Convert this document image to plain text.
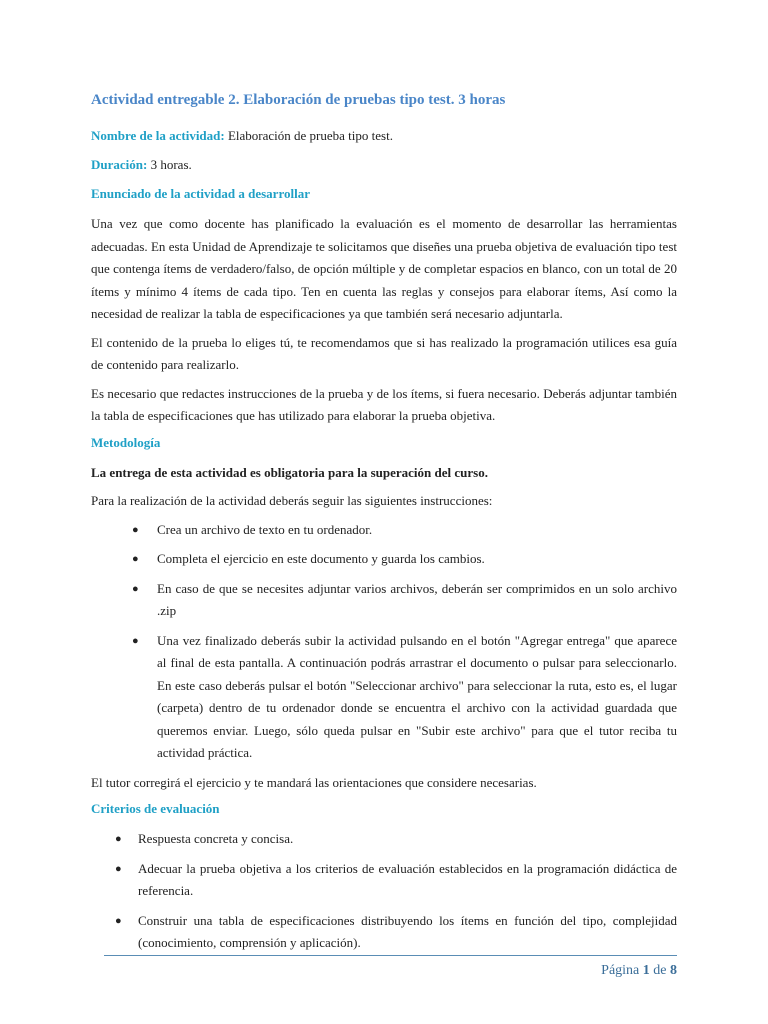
Actividad entregable 2. Elaboración de pruebas tipo test. 3 horas
Nombre de la actividad: Elaboración de prueba tipo test.
Duración: 3 horas.
Enunciado de la actividad a desarrollar

Una vez que como docente has planificado la evaluación es el momento de desarrollar las herramientas adecuadas. En esta Unidad de Aprendizaje te solicitamos que diseñes una prueba objetiva de evaluación tipo test que contenga ítems de verdadero/falso, de opción múltiple y de completar espacios en blanco, con un total de 20 ítems y mínimo 4 ítems de cada tipo. Ten en cuenta las reglas y consejos para elaborar ítems, Así como la necesidad de realizar la tabla de especificaciones ya que también será necesario adjuntarla.

El contenido de la prueba lo eliges tú, te recomendamos que si has realizado la programación utilices esa guía de contenido para realizarlo.

Es necesario que redactes instrucciones de la prueba y de los ítems, si fuera necesario. Deberás adjuntar también la tabla de especificaciones que has utilizado para elaborar la prueba objetiva.

Metodología

La entrega de esta actividad es obligatoria para la superación del curso.

Para la realización de la actividad deberás seguir las siguientes instrucciones:

● Crea un archivo de texto en tu ordenador.
● Completa el ejercicio en este documento y guarda los cambios.
● En caso de que se necesites adjuntar varios archivos, deberán ser comprimidos en un solo archivo .zip
● Una vez finalizado deberás subir la actividad pulsando en el botón "Agregar entrega" que aparece al final de esta pantalla. A continuación podrás arrastrar el documento o pulsar para seleccionarlo. En este caso deberás pulsar el botón "Seleccionar archivo" para seleccionar la ruta, esto es, el lugar (carpeta) dentro de tu ordenador donde se encuentra el archivo con la actividad guardada que queremos enviar. Luego, sólo queda pulsar en "Subir este archivo" para que el tutor reciba tu actividad práctica.

El tutor corregirá el ejercicio y te mandará las orientaciones que considere necesarias.

Criterios de evaluación
● Respuesta concreta y concisa.
● Adecuar la prueba objetiva a los criterios de evaluación establecidos en la programación didáctica de referencia.
● Construir una tabla de especificaciones distribuyendo los ítems en función del tipo, complejidad (conocimiento, comprensión y aplicación).
Página 1 de 8
